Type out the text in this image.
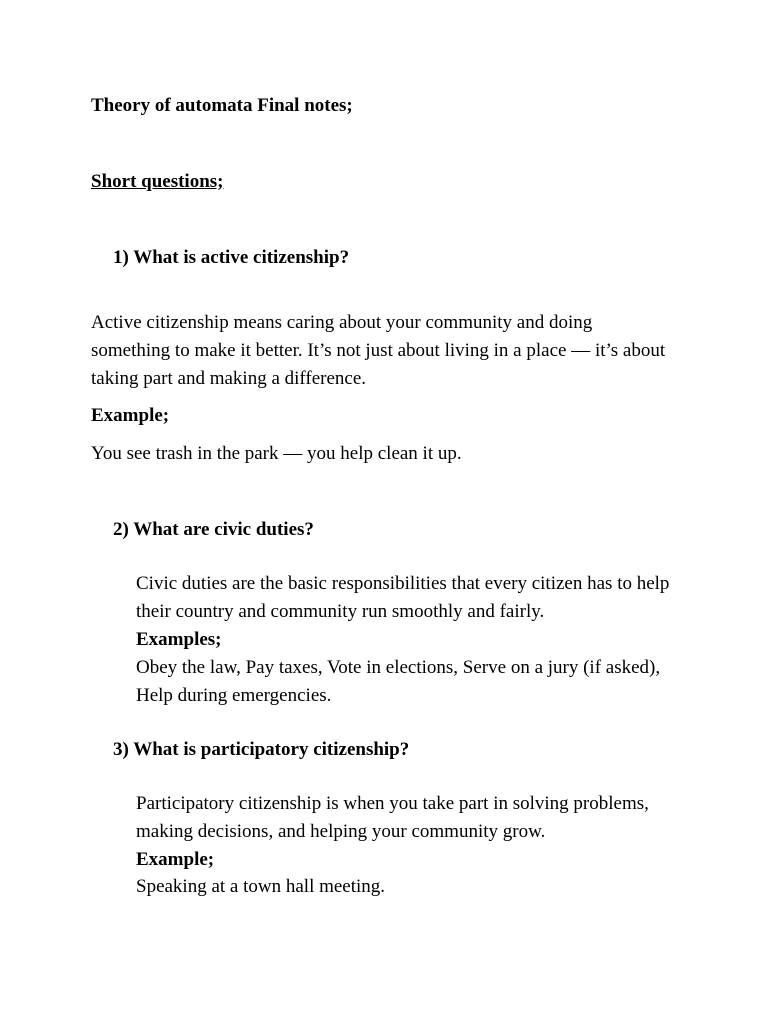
Theory of automata Final notes;
Short questions;
1) What is active citizenship?
Active citizenship means caring about your community and doing something to make it better. It’s not just about living in a place — it’s about taking part and making a difference.
Example;
You see trash in the park — you help clean it up.
2) What are civic duties?
Civic duties are the basic responsibilities that every citizen has to help their country and community run smoothly and fairly.
Examples;
Obey the law, Pay taxes, Vote in elections, Serve on a jury (if asked), Help during emergencies.
3) What is participatory citizenship?
Participatory citizenship is when you take part in solving problems, making decisions, and helping your community grow.
Example;
Speaking at a town hall meeting.
